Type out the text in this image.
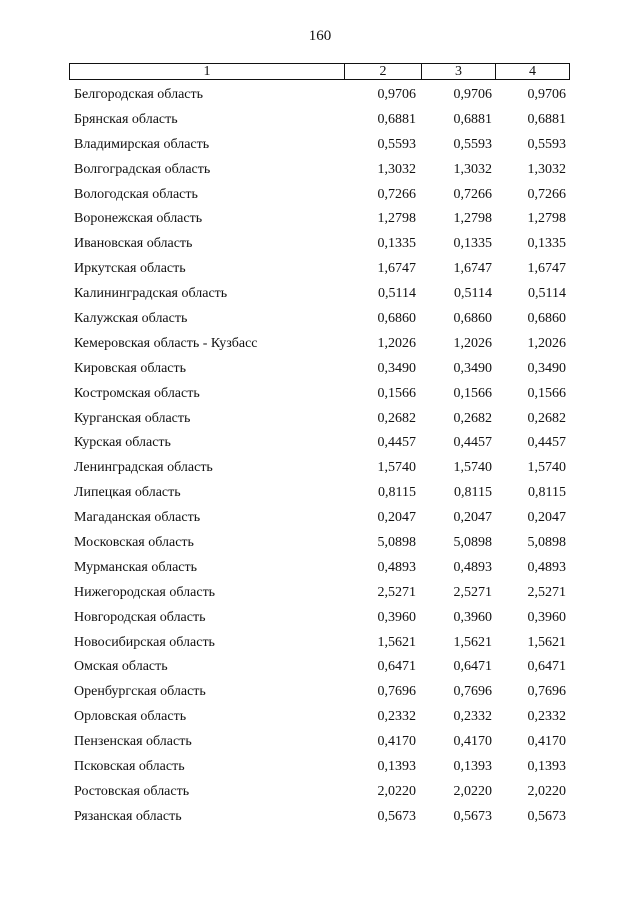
160
1	2	3	4
Белгородская область	0,9706	0,9706	0,9706
Брянская область	0,6881	0,6881	0,6881
Владимирская область	0,5593	0,5593	0,5593
Волгоградская область	1,3032	1,3032	1,3032
Вологодская область	0,7266	0,7266	0,7266
Воронежская область	1,2798	1,2798	1,2798
Ивановская область	0,1335	0,1335	0,1335
Иркутская область	1,6747	1,6747	1,6747
Калининградская область	0,5114	0,5114	0,5114
Калужская область	0,6860	0,6860	0,6860
Кемеровская область - Кузбасс	1,2026	1,2026	1,2026
Кировская область	0,3490	0,3490	0,3490
Костромская область	0,1566	0,1566	0,1566
Курганская область	0,2682	0,2682	0,2682
Курская область	0,4457	0,4457	0,4457
Ленинградская область	1,5740	1,5740	1,5740
Липецкая область	0,8115	0,8115	0,8115
Магаданская область	0,2047	0,2047	0,2047
Московская область	5,0898	5,0898	5,0898
Мурманская область	0,4893	0,4893	0,4893
Нижегородская область	2,5271	2,5271	2,5271
Новгородская область	0,3960	0,3960	0,3960
Новосибирская область	1,5621	1,5621	1,5621
Омская область	0,6471	0,6471	0,6471
Оренбургская область	0,7696	0,7696	0,7696
Орловская область	0,2332	0,2332	0,2332
Пензенская область	0,4170	0,4170	0,4170
Псковская область	0,1393	0,1393	0,1393
Ростовская область	2,0220	2,0220	2,0220
Рязанская область	0,5673	0,5673	0,5673
